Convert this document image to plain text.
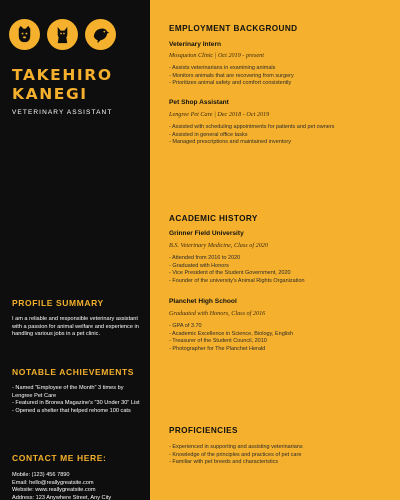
TAKEHIRO
KANEGI
VETERINARY ASSISTANT
PROFILE SUMMARY
I am a reliable and responsible veterinary assistant with a passion for animal welfare and experience in handling various jobs in a pet clinic.
NOTABLE ACHIEVEMENTS
- Named "Employee of the Month" 3 times by Lengree Pet Care
- Featured in Bronea Magazine's "30 Under 30" List
- Opened a shelter that helped rehome 100 cats
CONTACT ME HERE:
Mobile: (123) 456 7890
Email: hello@reallygreatsite.com
Website: www.reallygreatsite.com
Address: 123 Anywhere Street, Any City
EMPLOYMENT BACKGROUND
Veterinary Intern
Mosqueton Clinic | Oct 2019 - present
- Assists veterinarians in examining animals
- Monitors animals that are recovering from surgery
- Prioritizes animal safety and comfort consistently
Pet Shop Assistant
Lengree Pet Care | Dec 2018 - Oct 2019
- Assisted with scheduling appointments for patients and pet owners
- Assisted in general office tasks
- Managed prescriptions and maintained inventory
ACADEMIC HISTORY
Grinner Field University
B.S. Veterinary Medicine, Class of 2020
- Attended from 2016 to 2020
- Graduated with Honors
- Vice President of the Student Government, 2020
- Founder of the university's Animal Rights Organization
Planchet High School
Graduated with Honors, Class of 2016
- GPA of 3.70
- Academic Excellence in Science, Biology, English
- Treasurer of the Student Council, 2010
- Photographer for The Planchet Herald
PROFICIENCIES
- Experienced in supporting and assisting veterinarians
- Knowledge of the principles and practices of pet care
- Familiar with pet breeds and characteristics
